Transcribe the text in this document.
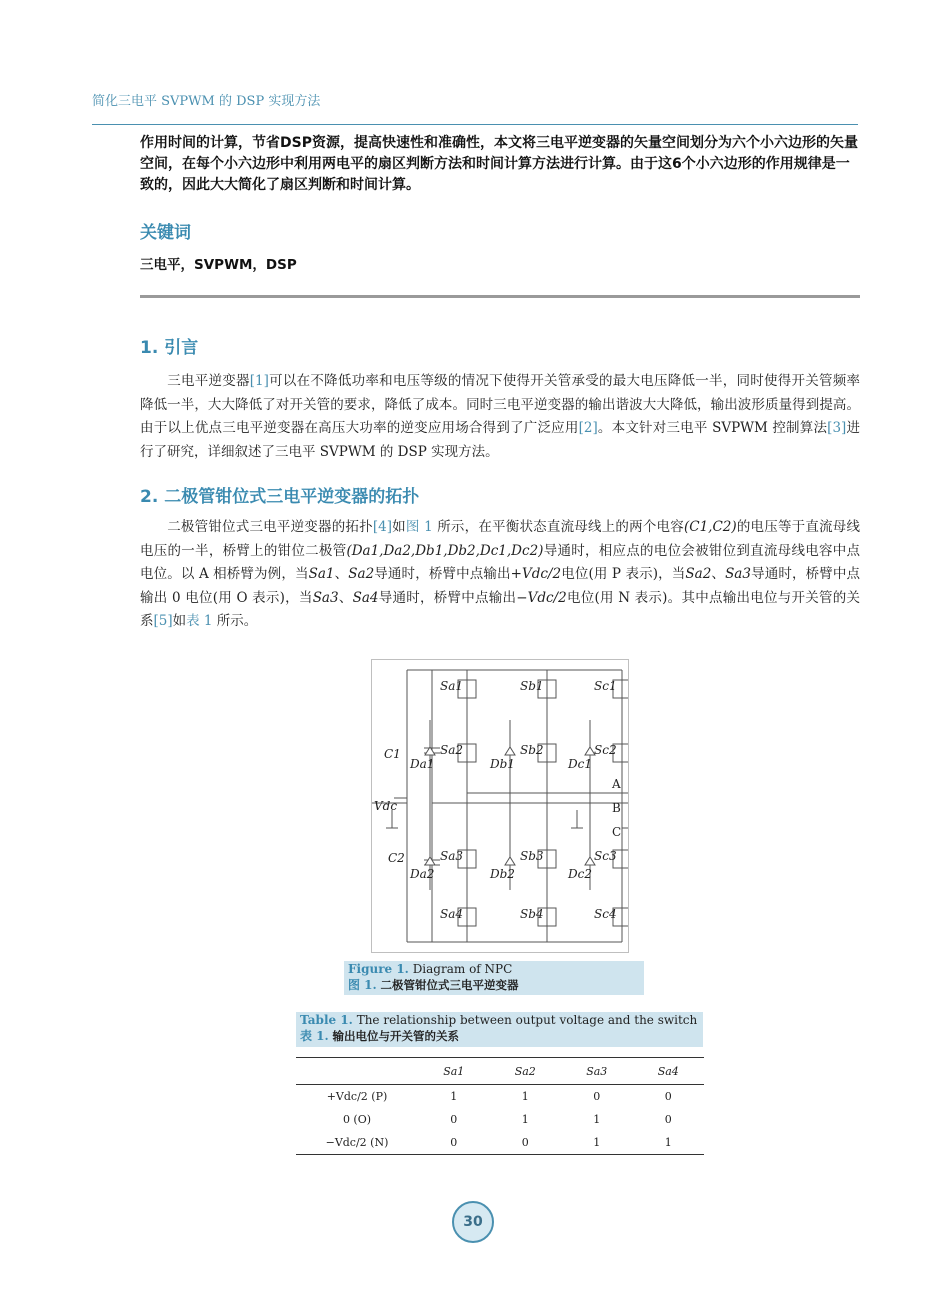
简化三电平 SVPWM 的 DSP 实现方法
作用时间的计算，节省DSP资源，提高快速性和准确性，本文将三电平逆变器的矢量空间划分为六个小六边形的矢量空间，在每个小六边形中利用两电平的扇区判断方法和时间计算方法进行计算。由于这6个小六边形的作用规律是一致的，因此大大简化了扇区判断和时间计算。
关键词
三电平，SVPWM，DSP
1. 引言
三电平逆变器[1]可以在不降低功率和电压等级的情况下使得开关管承受的最大电压降低一半，同时使得开关管频率降低一半，大大降低了对开关管的要求，降低了成本。同时三电平逆变器的输出谐波大大降低，输出波形质量得到提高。由于以上优点三电平逆变器在高压大功率的逆变应用场合得到了广泛应用[2]。本文针对三电平 SVPWM 控制算法[3]进行了研究，详细叙述了三电平 SVPWM 的 DSP 实现方法。
2. 二极管钳位式三电平逆变器的拓扑
二极管钳位式三电平逆变器的拓扑[4]如图 1 所示，在平衡状态直流母线上的两个电容(C1,C2)的电压等于直流母线电压的一半，桥臂上的钳位二极管(Da1,Da2,Db1,Db2,Dc1,Dc2)导通时，相应点的电位会被钳位到直流母线电容中点电位。以 A 相桥臂为例，当Sa1、Sa2导通时，桥臂中点输出+Vdc/2电位(用 P 表示)，当Sa2、Sa3导通时，桥臂中点输出 0 电位(用 O 表示)，当Sa3、Sa4导通时，桥臂中点输出−Vdc/2电位(用 N 表示)。其中点输出电位与开关管的关系[5]如表 1 所示。
Sa1	Sb1	Sc1
Sa2	Sb2	Sc2
Sa3	Sb3	Sc3
Sa4	Sb4	Sc4
C1
C2
Vdc
Da1	Db1	Dc1
Da2	Db2	Dc2
A
B
C
Figure 1. Diagram of NPC
图 1. 二极管钳位式三电平逆变器
Table 1. The relationship between output voltage and the switch
表 1. 输出电位与开关管的关系
	Sa1	Sa2	Sa3	Sa4
+Vdc/2 (P)	1	1	0	0
0 (O)	0	1	1	0
−Vdc/2 (N)	0	0	1	1
30
